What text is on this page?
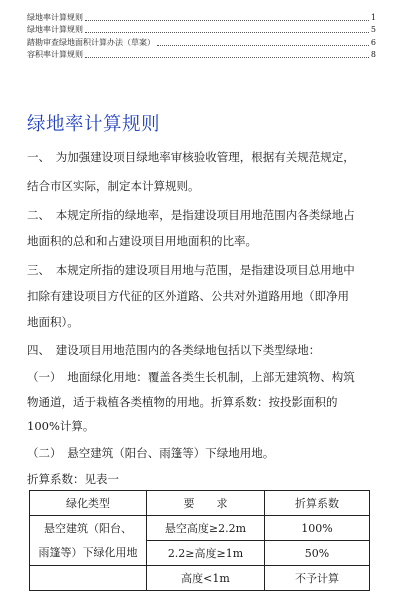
绿地率计算规则	1
绿地率计算规则	5
踏勘审查绿地面积计算办法（草案）	6
容积率计算规则	8
绿地率计算规则
一、　为加强建设项目绿地率审核验收管理，根据有关规范规定，
结合市区实际，制定本计算规则。
二、　本规定所指的绿地率，是指建设项目用地范围内各类绿地占
地面积的总和和占建设项目用地面积的比率。
三、　本规定所指的建设项目用地与范围，是指建设项目总用地中
扣除有建设项目方代征的区外道路、公共对外道路用地（即净用
地面积）。
四、　建设项目用地范围内的各类绿地包括以下类型绿地：
（一）　地面绿化用地：覆盖各类生长机制，上部无建筑物、构筑
物通道，适于栽植各类植物的用地。折算系数：按投影面积的
100%计算。
（二）　悬空建筑（阳台、雨篷等）下绿地用地。
折算系数：见表一
绿化类型	要　　求	折算系数

悬空建筑（阳台、
雨篷等）下绿化用地	悬空高度≥2.2m	100%
	2.2≥高度≥1m	50%
	高度<1m	不予计算
